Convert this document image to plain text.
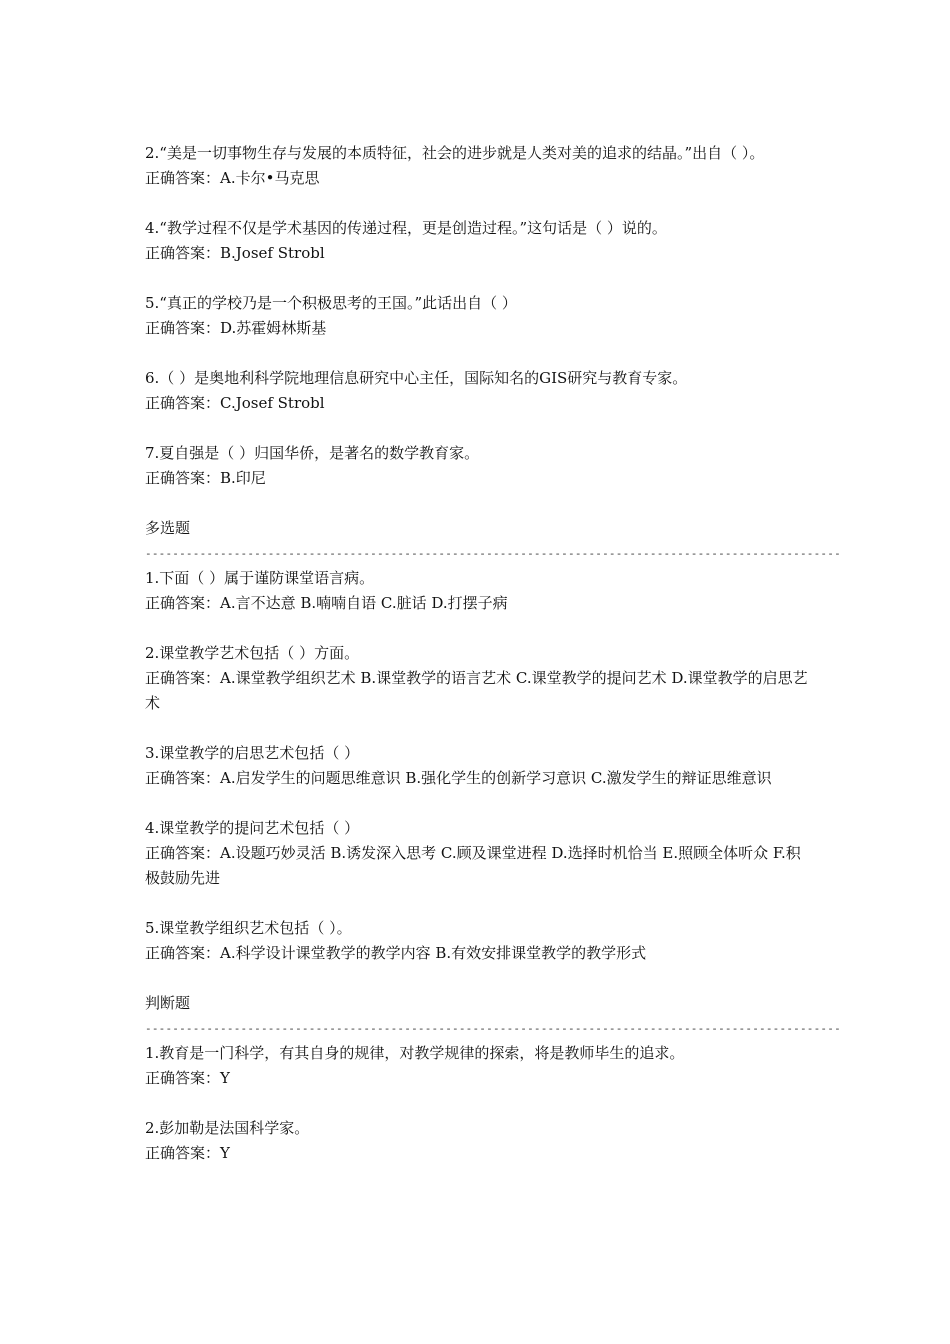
2.“美是一切事物生存与发展的本质特征，社会的进步就是人类对美的追求的结晶。”出自（ ）。
正确答案：A.卡尔•马克思
4.“教学过程不仅是学术基因的传递过程，更是创造过程。”这句话是（ ）说的。
正确答案：B.Josef Strobl
5.“真正的学校乃是一个积极思考的王国。”此话出自（ ）
正确答案：D.苏霍姆林斯基
6.（ ）是奥地利科学院地理信息研究中心主任，国际知名的GIS研究与教育专家。
正确答案：C.Josef Strobl
7.夏自强是（ ）归国华侨，是著名的数学教育家。
正确答案：B.印尼
多选题
------------------------------------------------------------------------------------------------------
1.下面（ ）属于谨防课堂语言病。
正确答案：A.言不达意 B.喃喃自语 C.脏话 D.打摆子病
2.课堂教学艺术包括（ ）方面。
正确答案：A.课堂教学组织艺术 B.课堂教学的语言艺术 C.课堂教学的提问艺术 D.课堂教学的启思艺术
3.课堂教学的启思艺术包括（ ）
正确答案：A.启发学生的问题思维意识 B.强化学生的创新学习意识 C.激发学生的辩证思维意识
4.课堂教学的提问艺术包括（ ）
正确答案：A.设题巧妙灵活 B.诱发深入思考 C.顾及课堂进程 D.选择时机恰当 E.照顾全体听众 F.积极鼓励先进
5.课堂教学组织艺术包括（ ）。
正确答案：A.科学设计课堂教学的教学内容 B.有效安排课堂教学的教学形式
判断题
------------------------------------------------------------------------------------------------------
1.教育是一门科学，有其自身的规律，对教学规律的探索，将是教师毕生的追求。
正确答案：Y
2.彭加勒是法国科学家。
正确答案：Y
